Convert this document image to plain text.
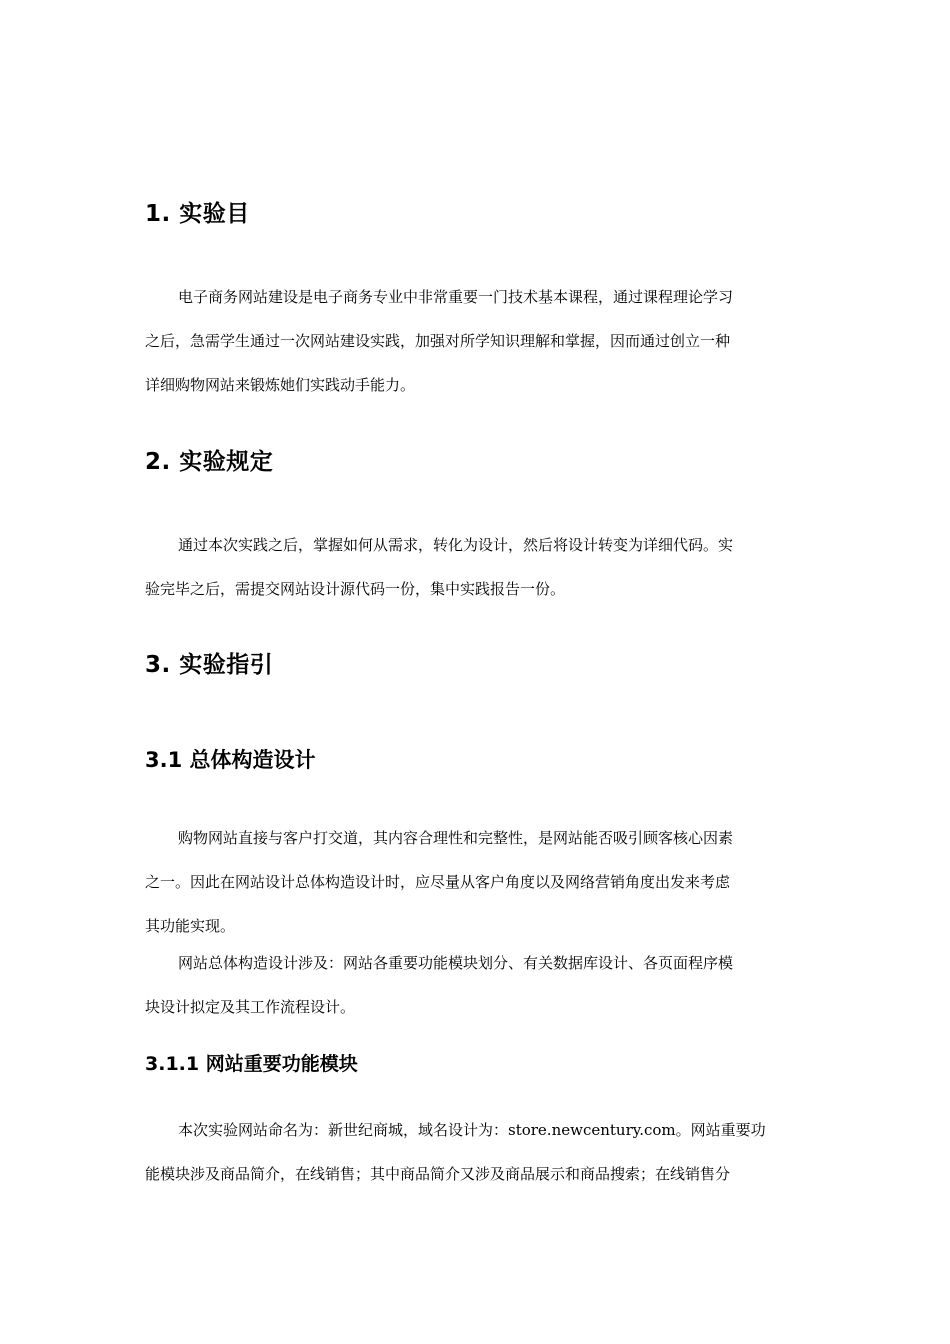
1. 实验目
电子商务网站建设是电子商务专业中非常重要一门技术基本课程，通过课程理论学习
之后，急需学生通过一次网站建设实践，加强对所学知识理解和掌握，因而通过创立一种
详细购物网站来锻炼她们实践动手能力。
2. 实验规定
通过本次实践之后，掌握如何从需求，转化为设计，然后将设计转变为详细代码。实
验完毕之后，需提交网站设计源代码一份，集中实践报告一份。
3. 实验指引
3.1 总体构造设计
购物网站直接与客户打交道，其内容合理性和完整性，是网站能否吸引顾客核心因素
之一。因此在网站设计总体构造设计时，应尽量从客户角度以及网络营销角度出发来考虑
其功能实现。
网站总体构造设计涉及：网站各重要功能模块划分、有关数据库设计、各页面程序模
块设计拟定及其工作流程设计。
3.1.1 网站重要功能模块
本次实验网站命名为：新世纪商城，域名设计为：store.newcentury.com。网站重要功
能模块涉及商品简介，在线销售；其中商品简介又涉及商品展示和商品搜索；在线销售分
